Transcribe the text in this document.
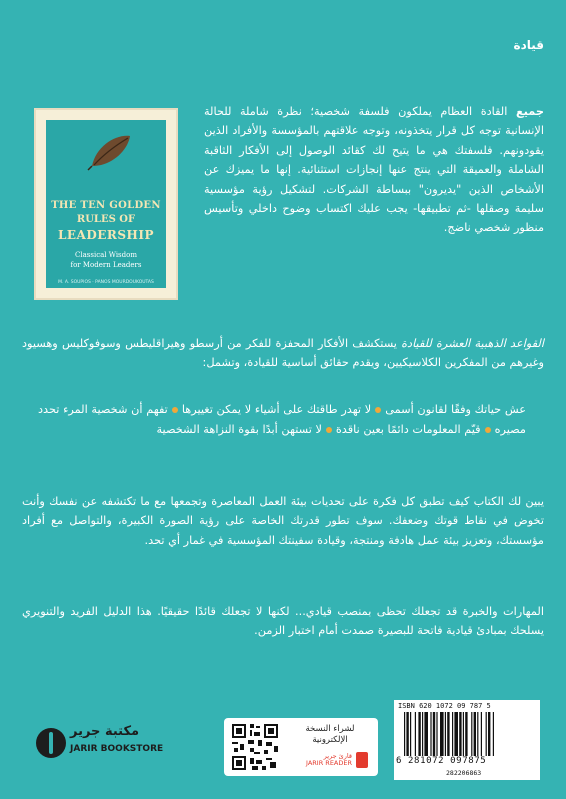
قيادة
THE TEN GOLDEN
RULES OF
LEADERSHIP
Classical Wisdom
for Modern Leaders
M. A. SOUPIOS · PANOS MOURDOUKOUTAS
جميع القادة العظام يملكون فلسفة شخصية؛ نظرة شاملة للحالة الإنسانية توجه كل قرار يتخذونه، وتوجه علاقتهم بالمؤسسة والأفراد الذين يقودونهم. فلسفتك هي ما يتيح لك كقائد الوصول إلى الأفكار الثاقبة الشاملة والعميقة التي ينتج عنها إنجازات استثنائية. إنها ما يميزك عن الأشخاص الذين "يديرون" ببساطة الشركات. لتشكيل رؤية مؤسسية سليمة وصقلها -ثم تطبيقها- يجب عليك اكتساب وضوح داخلي وتأسيس منظور شخصي ناضج.
القواعد الذهبية العشرة للقيادة يستكشف الأفكار المحفزة للفكر من أرسطو وهيراقليطس وسوفوكليس وهسيود وغيرهم من المفكرين الكلاسيكيين، ويقدم حقائق أساسية للقيادة، وتشمل:
عش حياتك وفقًا لقانون أسمىلا تهدر طاقتك على أشياء لا يمكن تغييرهاتفهم أن شخصية المرء تحدد مصيرهقيّم المعلومات دائمًا بعين ناقدةلا تستهن أبدًا بقوة النزاهة الشخصية
يبين لك الكتاب كيف تطبق كل فكرة على تحديات بيئة العمل المعاصرة وتجمعها مع ما تكتشفه عن نفسك وأنت تخوض في نقاط قوتك وضعفك. سوف تطور قدرتك الخاصة على رؤية الصورة الكبيرة، والتواصل مع أفراد مؤسستك، وتعزيز بيئة عمل هادفة ومنتجة، وقيادة سفينتك المؤسسية في غمار أي تحد.
المهارات والخبرة قد تجعلك تحظى بمنصب قيادي... لكنها لا تجعلك قائدًا حقيقيًا. هذا الدليل الفريد والتنويري يسلحك بمبادئ قيادية فاتحة للبصيرة صمدت أمام اختبار الزمن.
مكتبة جرير
JARIR BOOKSTORE
لشراء النسخة الإلكترونية
قارئ جرير
JARIR READER
ISBN 620 1072 09 787 5
6 281072 097875
282206863
